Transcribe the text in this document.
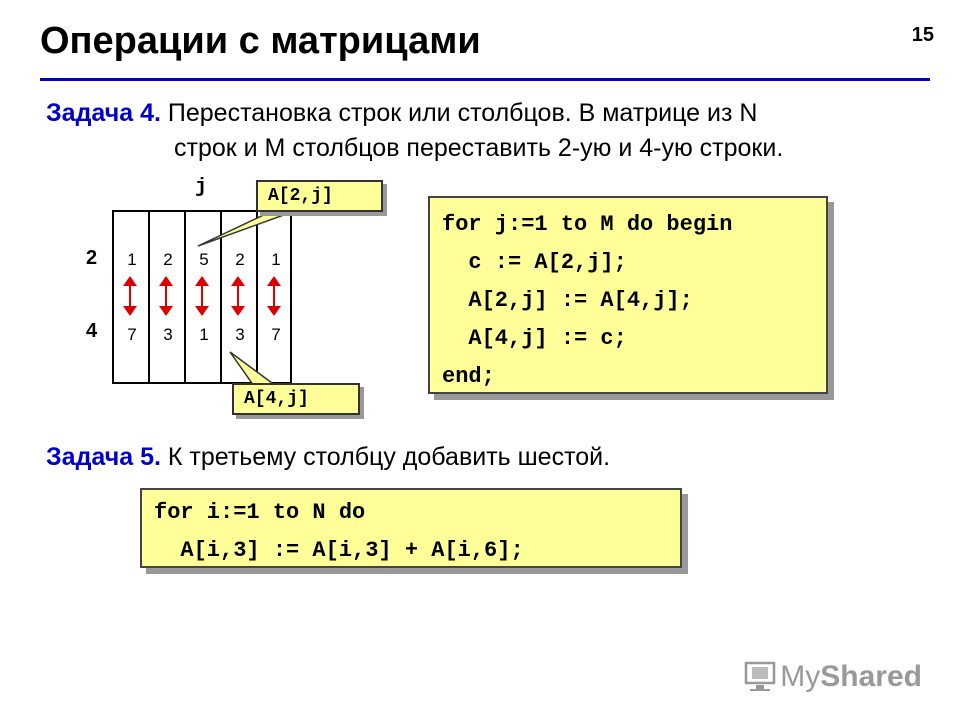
Операции с матрицами	15
Задача 4. Перестановка строк или столбцов. В матрице из N
строк и M столбцов переставить 2-ую и 4-ую строки.
j
2
4
1	2	5	2	1
7	3	1	3	7
A[2,j]
A[4,j]
for j:=1 to M do begin
c := A[2,j];
A[2,j] := A[4,j];
A[4,j] := c;
end;
Задача 5. К третьему столбцу добавить шестой.
for i:=1 to N do
A[i,3] := A[i,3] + A[i,6];
My Shared
